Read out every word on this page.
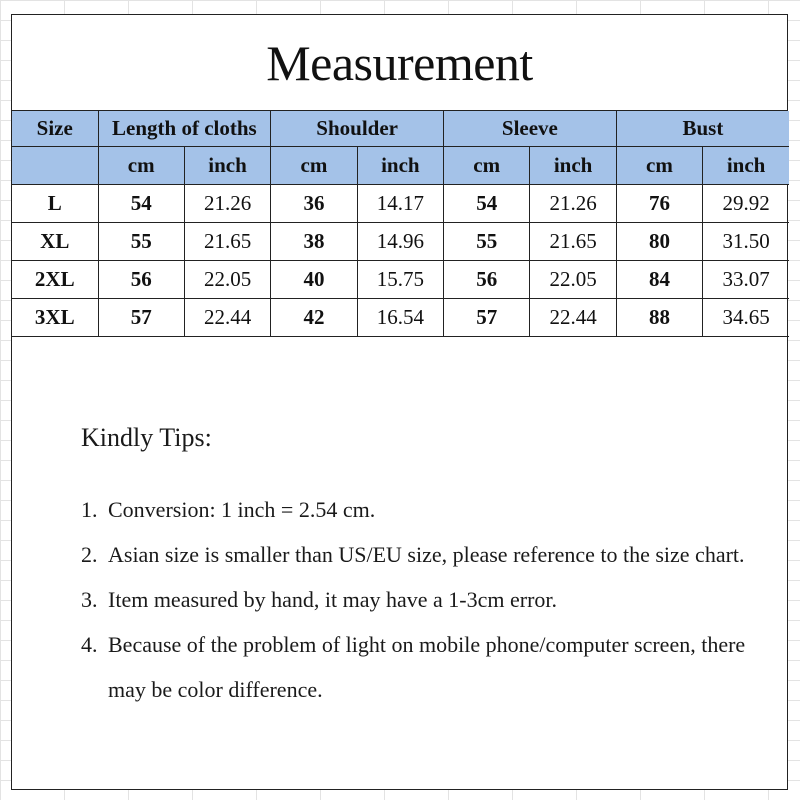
Measurement
Size	Length of cloths		Shoulder		Sleeve		Bust	
	cm	inch	cm	inch	cm	inch	cm	inch
L	54	21.26	36	14.17	54	21.26	76	29.92
XL	55	21.65	38	14.96	55	21.65	80	31.50
2XL	56	22.05	40	15.75	56	22.05	84	33.07
3XL	57	22.44	42	16.54	57	22.44	88	34.65
Kindly Tips:
1. Conversion: 1 inch = 2.54 cm.
2. Asian size is smaller than US/EU size, please reference to the size chart.
3. Item measured by hand, it may have a 1-3cm error.
4. Because of the problem of light on mobile phone/computer screen, there may be color difference.
